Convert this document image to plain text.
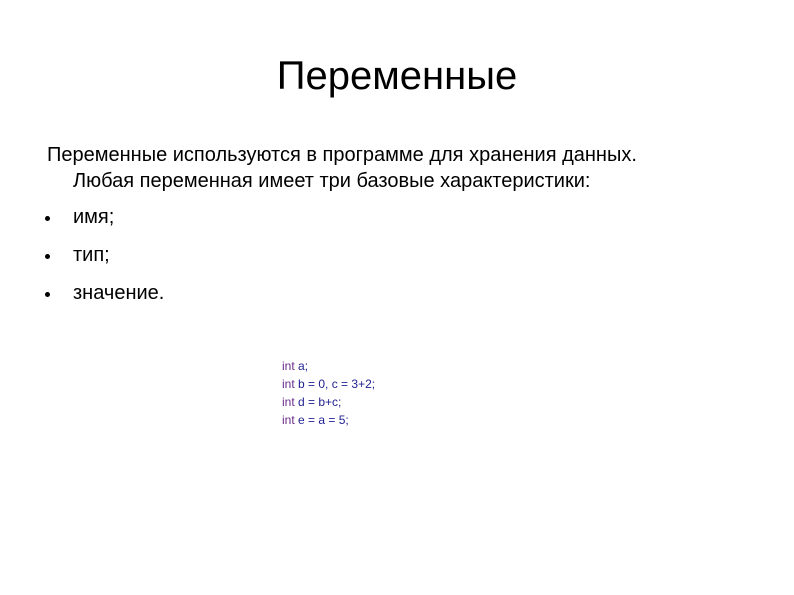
Переменные
Переменные используются в программе для хранения данных.
Любая переменная имеет три базовые характеристики:
имя;
тип;
значение.
int a;
int b = 0, c = 3+2;
int d = b+c;
int e = a = 5;
